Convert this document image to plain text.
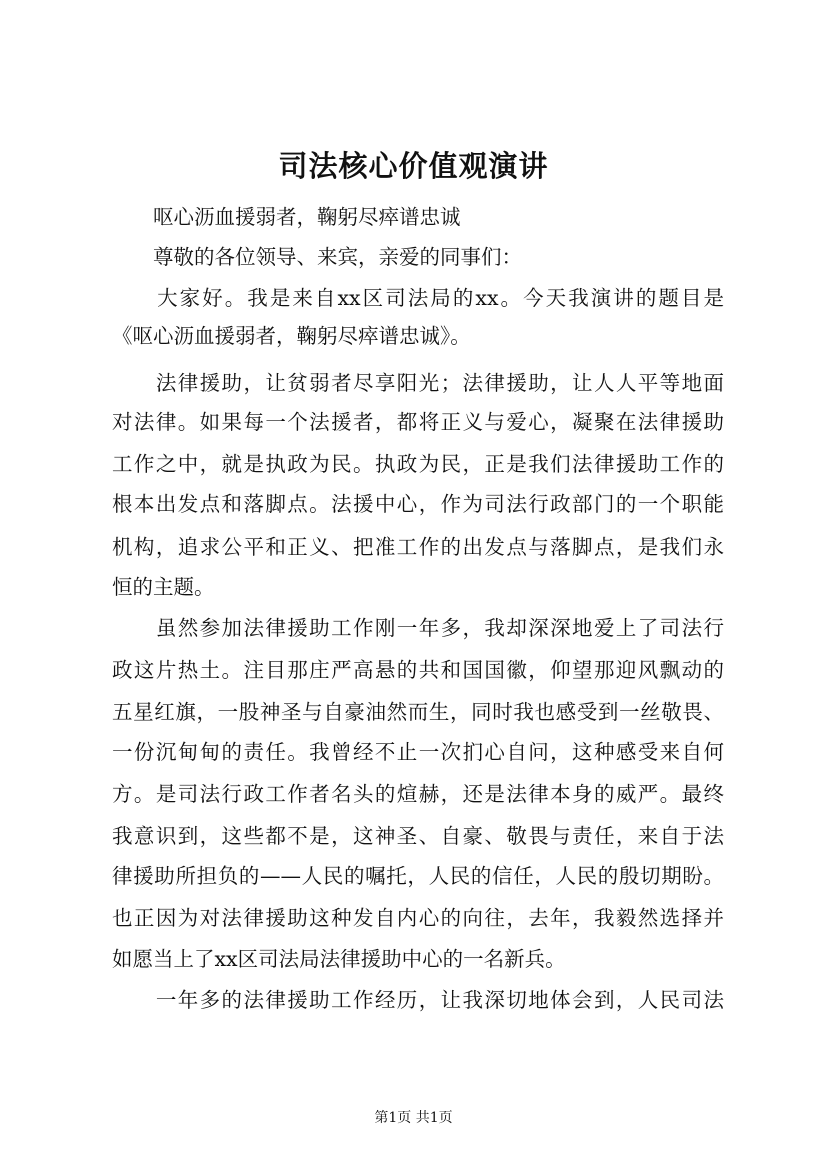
司法核心价值观演讲
　　呕心沥血援弱者，鞠躬尽瘁谱忠诚
　　尊敬的各位领导、来宾，亲爱的同事们：
　　大家好。我是来自xx区司法局的xx。今天我演讲的题目是
《呕心沥血援弱者，鞠躬尽瘁谱忠诚》。
　　法律援助，让贫弱者尽享阳光；法律援助，让人人平等地面
对法律。如果每一个法援者，都将正义与爱心，凝聚在法律援助
工作之中，就是执政为民。执政为民，正是我们法律援助工作的
根本出发点和落脚点。法援中心，作为司法行政部门的一个职能
机构，追求公平和正义、把准工作的出发点与落脚点，是我们永
恒的主题。
　　虽然参加法律援助工作刚一年多，我却深深地爱上了司法行
政这片热土。注目那庄严高悬的共和国国徽，仰望那迎风飘动的
五星红旗，一股神圣与自豪油然而生，同时我也感受到一丝敬畏、
一份沉甸甸的责任。我曾经不止一次扪心自问，这种感受来自何
方。是司法行政工作者名头的煊赫，还是法律本身的威严。最终
我意识到，这些都不是，这神圣、自豪、敬畏与责任，来自于法
律援助所担负的——人民的嘱托，人民的信任，人民的殷切期盼。
也正因为对法律援助这种发自内心的向往，去年，我毅然选择并
如愿当上了xx区司法局法律援助中心的一名新兵。
　　一年多的法律援助工作经历，让我深切地体会到，人民司法
第1页 共1页
